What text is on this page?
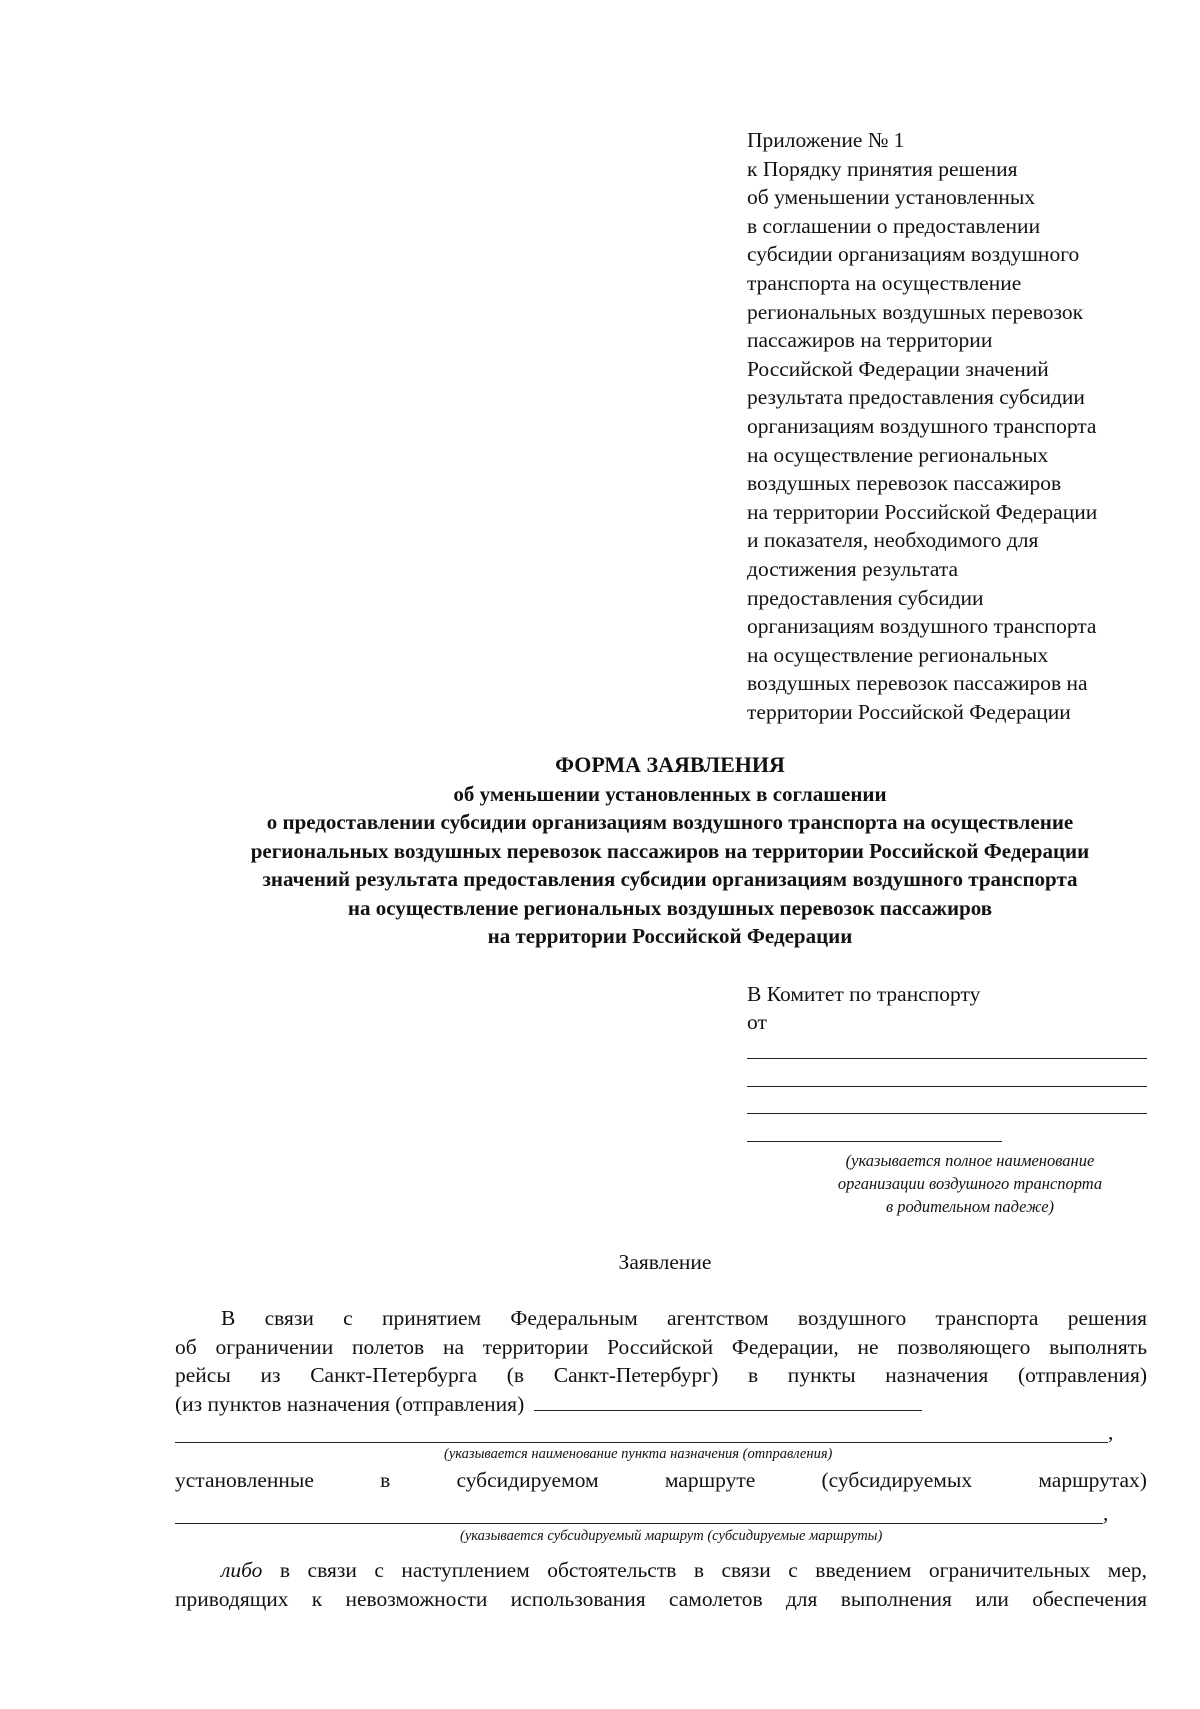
Приложение № 1
к Порядку принятия решения
об уменьшении установленных
в соглашении о предоставлении
субсидии организациям воздушного
транспорта на осуществление
региональных воздушных перевозок
пассажиров на территории
Российской Федерации значений
результата предоставления субсидии
организациям воздушного транспорта
на осуществление региональных
воздушных перевозок пассажиров
на территории Российской Федерации
и показателя, необходимого для
достижения результата
предоставления субсидии
организациям воздушного транспорта
на осуществление региональных
воздушных перевозок пассажиров на
территории Российской Федерации
ФОРМА ЗАЯВЛЕНИЯ
об уменьшении установленных в соглашении
о предоставлении субсидии организациям воздушного транспорта на осуществление
региональных воздушных перевозок пассажиров на территории Российской Федерации
значений результата предоставления субсидии организациям воздушного транспорта
на осуществление региональных воздушных перевозок пассажиров
на территории Российской Федерации
В Комитет по транспорту
от
(указывается полное наименование
организации воздушного транспорта
в родительном падеже)
Заявление
В связи с принятием Федеральным агентством воздушного транспорта решения
об ограничении полетов на территории Российской Федерации, не позволяющего выполнять
рейсы из Санкт-Петербурга (в Санкт-Петербург) в пункты назначения (отправления)
(из пунктов назначения (отправления)
,
(указывается наименование пункта назначения (отправления)
установленные	в	субсидируемом	маршруте	(субсидируемых	маршрутах)
,
(указывается субсидируемый маршрут (субсидируемые маршруты)
либо в связи с наступлением обстоятельств в связи с введением ограничительных мер,
приводящих к невозможности использования самолетов для выполнения или обеспечения
